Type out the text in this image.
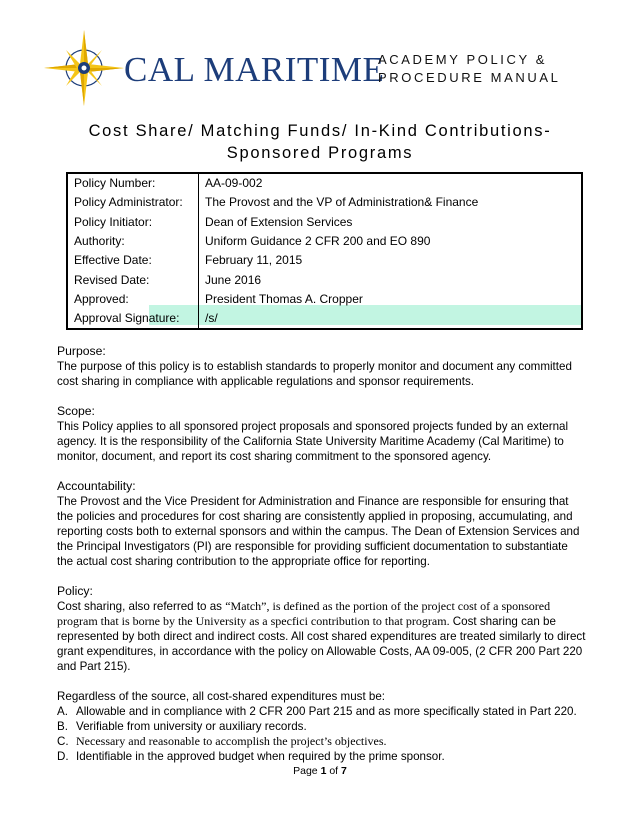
CAL MARITIME
ACADEMY POLICY &
PROCEDURE MANUAL
Cost Share/ Matching Funds/ In-Kind Contributions-
Sponsored Programs
Policy Number:	AA-09-002
Policy Administrator:	The Provost and the VP of Administration& Finance
Policy Initiator:	Dean of Extension Services
Authority:	Uniform Guidance 2 CFR 200 and EO 890
Effective Date:	February 11, 2015
Revised Date:	June 2016
Approved:	President Thomas A. Cropper
Approval Signature:	/s/

Purpose:

The purpose of this policy is to establish standards to properly monitor and document any committed cost sharing in compliance with applicable regulations and sponsor requirements.

Scope:

This Policy applies to all sponsored project proposals and sponsored projects funded by an external agency. It is the responsibility of the California State University Maritime Academy (Cal Maritime) to monitor, document, and report its cost sharing commitment to the sponsored agency.

Accountability:

The Provost and the Vice President for Administration and Finance are responsible for ensuring that the policies and procedures for cost sharing are consistently applied in proposing, accumulating, and reporting costs both to external sponsors and within the campus. The Dean of Extension Services and the Principal Investigators (PI) are responsible for providing sufficient documentation to substantiate the actual cost sharing contribution to the appropriate office for reporting.

Policy:

Cost sharing, also referred to as “Match”, is defined as the portion of the project cost of a sponsored program that is borne by the University as a specfici contribution to that program. Cost sharing can be represented by both direct and indirect costs. All cost shared expenditures are treated similarly to direct grant expenditures, in accordance with the policy on Allowable Costs, AA 09-005, (2 CFR 200 Part 220 and Part 215).

Regardless of the source, all cost-shared expenditures must be:

A. Allowable and in compliance with 2 CFR 200 Part 215 and as more specifically stated in Part 220.
B. Verifiable from university or auxiliary records.
C. Necessary and reasonable to accomplish the project’s objectives.
D. Identifiable in the approved budget when required by the prime sponsor.
Page 1 of 7
